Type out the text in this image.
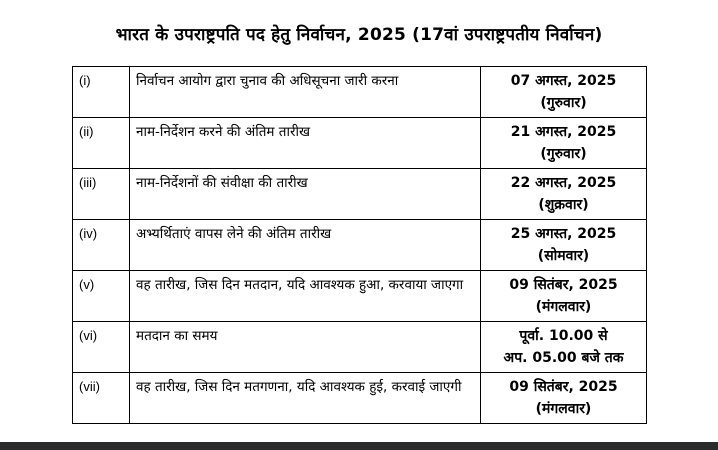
भारत के उपराष्ट्रपति पद हेतु निर्वाचन, 2025 (17वां उपराष्ट्रपतीय निर्वाचन)
(i)	निर्वाचन आयोग द्वारा चुनाव की अधिसूचना जारी करना	07 अगस्त, 2025
(गुरुवार)

(ii)	नाम-निर्देशन करने की अंतिम तारीख	21 अगस्त, 2025
(गुरुवार)

(iii)	नाम-निर्देशनों की संवीक्षा की तारीख	22 अगस्त, 2025
(शुक्रवार)

(iv)	अभ्यर्थिताएं वापस लेने की अंतिम तारीख	25 अगस्त, 2025
(सोमवार)

(v)	वह तारीख, जिस दिन मतदान, यदि आवश्यक हुआ, करवाया जाएगा	09 सितंबर, 2025
(मंगलवार)

(vi)	मतदान का समय	पूर्वा. 10.00 से
अप. 05.00 बजे तक

(vii)	वह तारीख, जिस दिन मतगणना, यदि आवश्यक हुई, करवाई जाएगी	09 सितंबर, 2025
(मंगलवार)
